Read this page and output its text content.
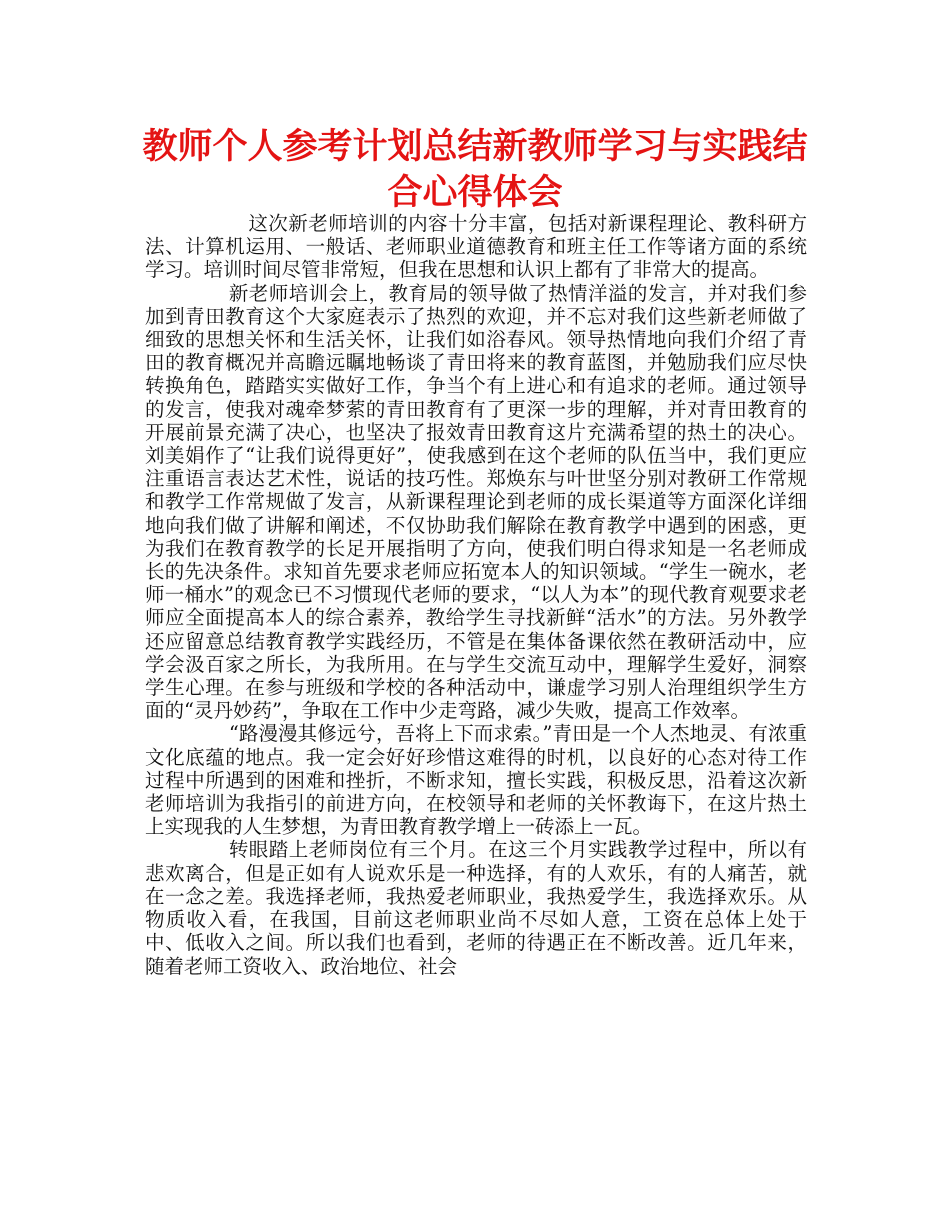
教师个人参考计划总结新教师学习与实践结合心得体会

这次新老师培训的内容十分丰富，包括对新课程理论、教科研方法、计算机运用、一般话、老师职业道德教育和班主任工作等诸方面的系统学习。培训时间尽管非常短，但我在思想和认识上都有了非常大的提高。

新老师培训会上，教育局的领导做了热情洋溢的发言，并对我们参加到青田教育这个大家庭表示了热烈的欢迎，并不忘对我们这些新老师做了细致的思想关怀和生活关怀，让我们如浴春风。领导热情地向我们介绍了青田的教育概况并高瞻远瞩地畅谈了青田将来的教育蓝图，并勉励我们应尽快转换角色，踏踏实实做好工作，争当个有上进心和有追求的老师。通过领导的发言，使我对魂牵梦萦的青田教育有了更深一步的理解，并对青田教育的开展前景充满了决心，也坚决了报效青田教育这片充满希望的热土的决心。刘美娟作了“让我们说得更好”，使我感到在这个老师的队伍当中，我们更应注重语言表达艺术性，说话的技巧性。郑焕东与叶世坚分别对教研工作常规和教学工作常规做了发言，从新课程理论到老师的成长渠道等方面深化详细地向我们做了讲解和阐述，不仅协助我们解除在教育教学中遇到的困惑，更为我们在教育教学的长足开展指明了方向，使我们明白得求知是一名老师成长的先决条件。求知首先要求老师应拓宽本人的知识领域。“学生一碗水，老师一桶水”的观念已不习惯现代老师的要求，“以人为本”的现代教育观要求老师应全面提高本人的综合素养，教给学生寻找新鲜“活水”的方法。另外教学还应留意总结教育教学实践经历，不管是在集体备课依然在教研活动中，应学会汲百家之所长，为我所用。在与学生交流互动中，理解学生爱好，洞察学生心理。在参与班级和学校的各种活动中，谦虚学习别人治理组织学生方面的“灵丹妙药”，争取在工作中少走弯路，减少失败，提高工作效率。

“路漫漫其修远兮，吾将上下而求索。”青田是一个人杰地灵、有浓重文化底蕴的地点。我一定会好好珍惜这难得的时机，以良好的心态对待工作过程中所遇到的困难和挫折，不断求知，擅长实践，积极反思，沿着这次新老师培训为我指引的前进方向，在校领导和老师的关怀教诲下，在这片热土上实现我的人生梦想，为青田教育教学增上一砖添上一瓦。

转眼踏上老师岗位有三个月。在这三个月实践教学过程中，所以有悲欢离合，但是正如有人说欢乐是一种选择，有的人欢乐，有的人痛苦，就在一念之差。我选择老师，我热爱老师职业，我热爱学生，我选择欢乐。从物质收入看，在我国，目前这老师职业尚不尽如人意，工资在总体上处于中、低收入之间。所以我们也看到，老师的待遇正在不断改善。近几年来，随着老师工资收入、政治地位、社会
